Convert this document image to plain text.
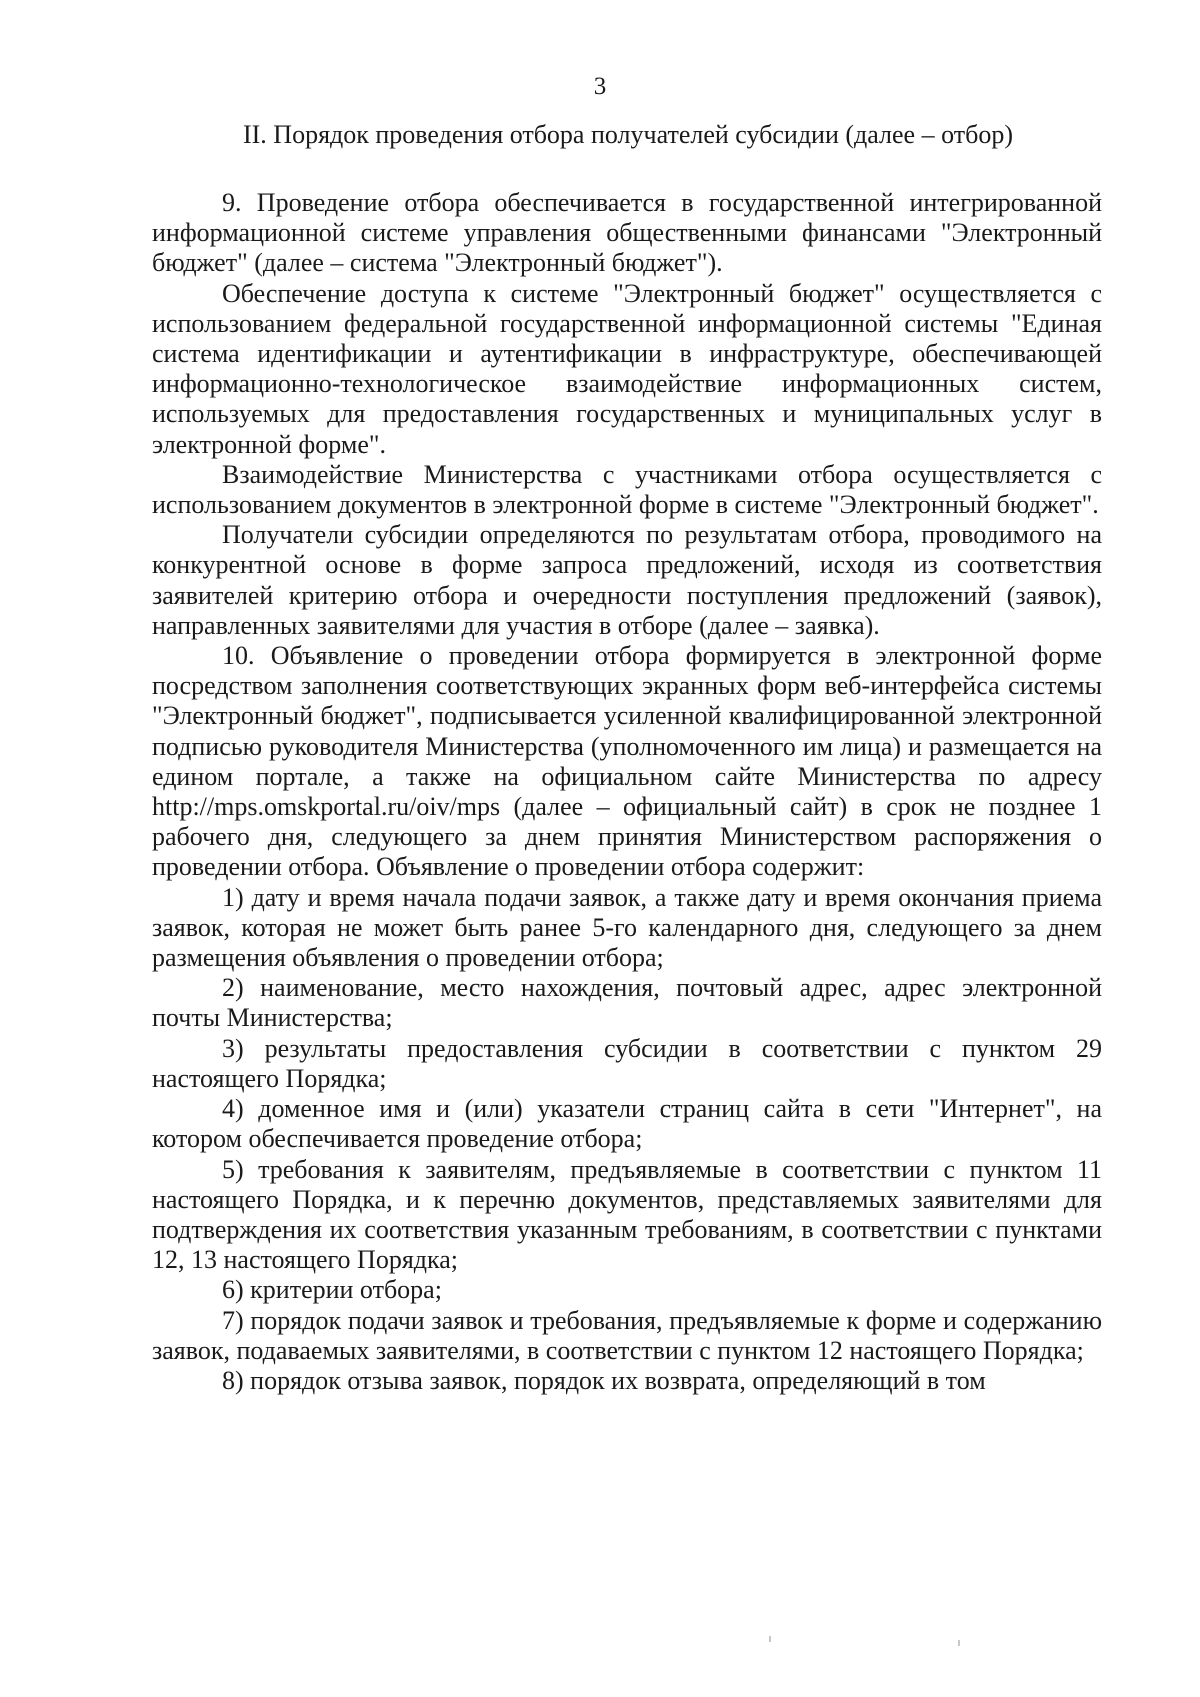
3
II. Порядок проведения отбора получателей субсидии (далее – отбор)

9. Проведение отбора обеспечивается в государственной интегрированной информационной системе управления общественными финансами "Электронный бюджет" (далее – система "Электронный бюджет").

Обеспечение доступа к системе "Электронный бюджет" осуществляется с использованием федеральной государственной информационной системы "Единая система идентификации и аутентификации в инфраструктуре, обеспечивающей информационно-технологическое взаимодействие информационных систем, используемых для предоставления государственных и муниципальных услуг в электронной форме".

Взаимодействие Министерства с участниками отбора осуществляется с использованием документов в электронной форме в системе "Электронный бюджет".

Получатели субсидии определяются по результатам отбора, проводимого на конкурентной основе в форме запроса предложений, исходя из соответствия заявителей критерию отбора и очередности поступления предложений (заявок), направленных заявителями для участия в отборе (далее – заявка).

10. Объявление о проведении отбора формируется в электронной форме посредством заполнения соответствующих экранных форм веб-интерфейса системы "Электронный бюджет", подписывается усиленной квалифицированной электронной подписью руководителя Министерства (уполномоченного им лица) и размещается на едином портале, а также на официальном сайте Министерства по адресу http://mps.omskportal.ru/oiv/mps (далее – официальный сайт) в срок не позднее 1 рабочего дня, следующего за днем принятия Министерством распоряжения о проведении отбора. Объявление о проведении отбора содержит:

1) дату и время начала подачи заявок, а также дату и время окончания приема заявок, которая не может быть ранее 5-го календарного дня, следующего за днем размещения объявления о проведении отбора;

2) наименование, место нахождения, почтовый адрес, адрес электронной почты Министерства;

3) результаты предоставления субсидии в соответствии с пунктом 29 настоящего Порядка;

4) доменное имя и (или) указатели страниц сайта в сети "Интернет", на котором обеспечивается проведение отбора;

5) требования к заявителям, предъявляемые в соответствии с пунктом 11 настоящего Порядка, и к перечню документов, представляемых заявителями для подтверждения их соответствия указанным требованиям, в соответствии с пунктами 12, 13 настоящего Порядка;

6) критерии отбора;

7) порядок подачи заявок и требования, предъявляемые к форме и содержанию заявок, подаваемых заявителями, в соответствии с пунктом 12 настоящего Порядка;

8) порядок отзыва заявок, порядок их возврата, определяющий в том
